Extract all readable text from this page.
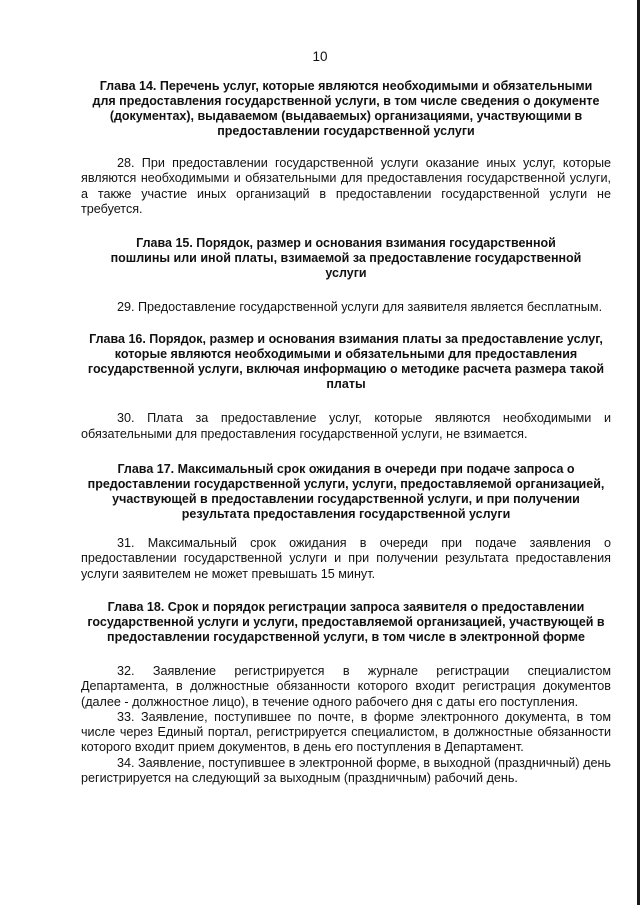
10

Глава 14. Перечень услуг, которые являются необходимыми и обязательными для предоставления государственной услуги, в том числе сведения о документе (документах), выдаваемом (выдаваемых) организациями, участвующими в предоставлении государственной услуги

28. При предоставлении государственной услуги оказание иных услуг, которые являются необходимыми и обязательными для предоставления государственной услуги, а также участие иных организаций в предоставлении государственной услуги не требуется.

Глава 15. Порядок, размер и основания взимания государственной пошлины или иной платы, взимаемой за предоставление государственной услуги

29. Предоставление государственной услуги для заявителя является бесплатным.

Глава 16. Порядок, размер и основания взимания платы за предоставление услуг, которые являются необходимыми и обязательными для предоставления государственной услуги, включая информацию о методике расчета размера такой платы

30. Плата за предоставление услуг, которые являются необходимыми и обязательными для предоставления государственной услуги, не взимается.

Глава 17. Максимальный срок ожидания в очереди при подаче запроса о предоставлении государственной услуги, услуги, предоставляемой организацией, участвующей в предоставлении государственной услуги, и при получении результата предоставления государственной услуги

31. Максимальный срок ожидания в очереди при подаче заявления о предоставлении государственной услуги и при получении результата предоставления услуги заявителем не может превышать 15 минут.

Глава 18. Срок и порядок регистрации запроса заявителя о предоставлении государственной услуги и услуги, предоставляемой организацией, участвующей в предоставлении государственной услуги, в том числе в электронной форме

32. Заявление регистрируется в журнале регистрации специалистом Департамента, в должностные обязанности которого входит регистрация документов (далее - должностное лицо), в течение одного рабочего дня с даты его поступления.

33. Заявление, поступившее по почте, в форме электронного документа, в том числе через Единый портал, регистрируется специалистом, в должностные обязанности которого входит прием документов, в день его поступления в Департамент.

34. Заявление, поступившее в электронной форме, в выходной (праздничный) день регистрируется на следующий за выходным (праздничным) рабочий день.
